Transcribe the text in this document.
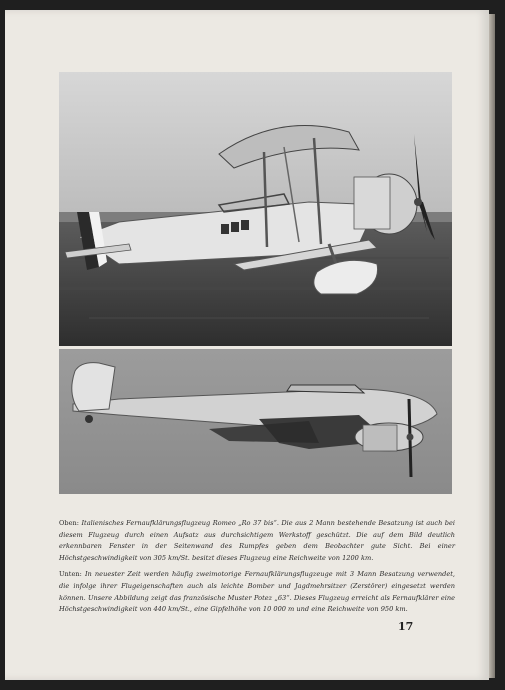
Oben: Italienisches Fernaufklärungsflugzeug Romeo „Ro 37 bis“. Die aus 2 Mann bestehende Besatzung ist auch bei diesem Flugzeug durch einen Aufsatz aus durchsichtigem Werkstoff geschützt. Die auf dem Bild deutlich erkennbaren Fenster in der Seitenwand des Rumpfes geben dem Beobachter gute Sicht. Bei einer Höchstgeschwindigkeit von 305 km/St. besitzt dieses Flugzeug eine Reichweite von 1200 km.

Unten: In neuester Zeit werden häufig zweimotorige Fernaufklärungsflugzeuge mit 3 Mann Besatzung verwendet, die infolge ihrer Flugeigenschaften auch als leichte Bomber und Jagdmehrsitzer (Zerstörer) eingesetzt werden können. Unsere Abbildung zeigt das französische Muster Potez „63“. Dieses Flugzeug erreicht als Fernaufklärer eine Höchstgeschwindigkeit von 440 km/St., eine Gipfelhöhe von 10 000 m und eine Reichweite von 950 km.

17
